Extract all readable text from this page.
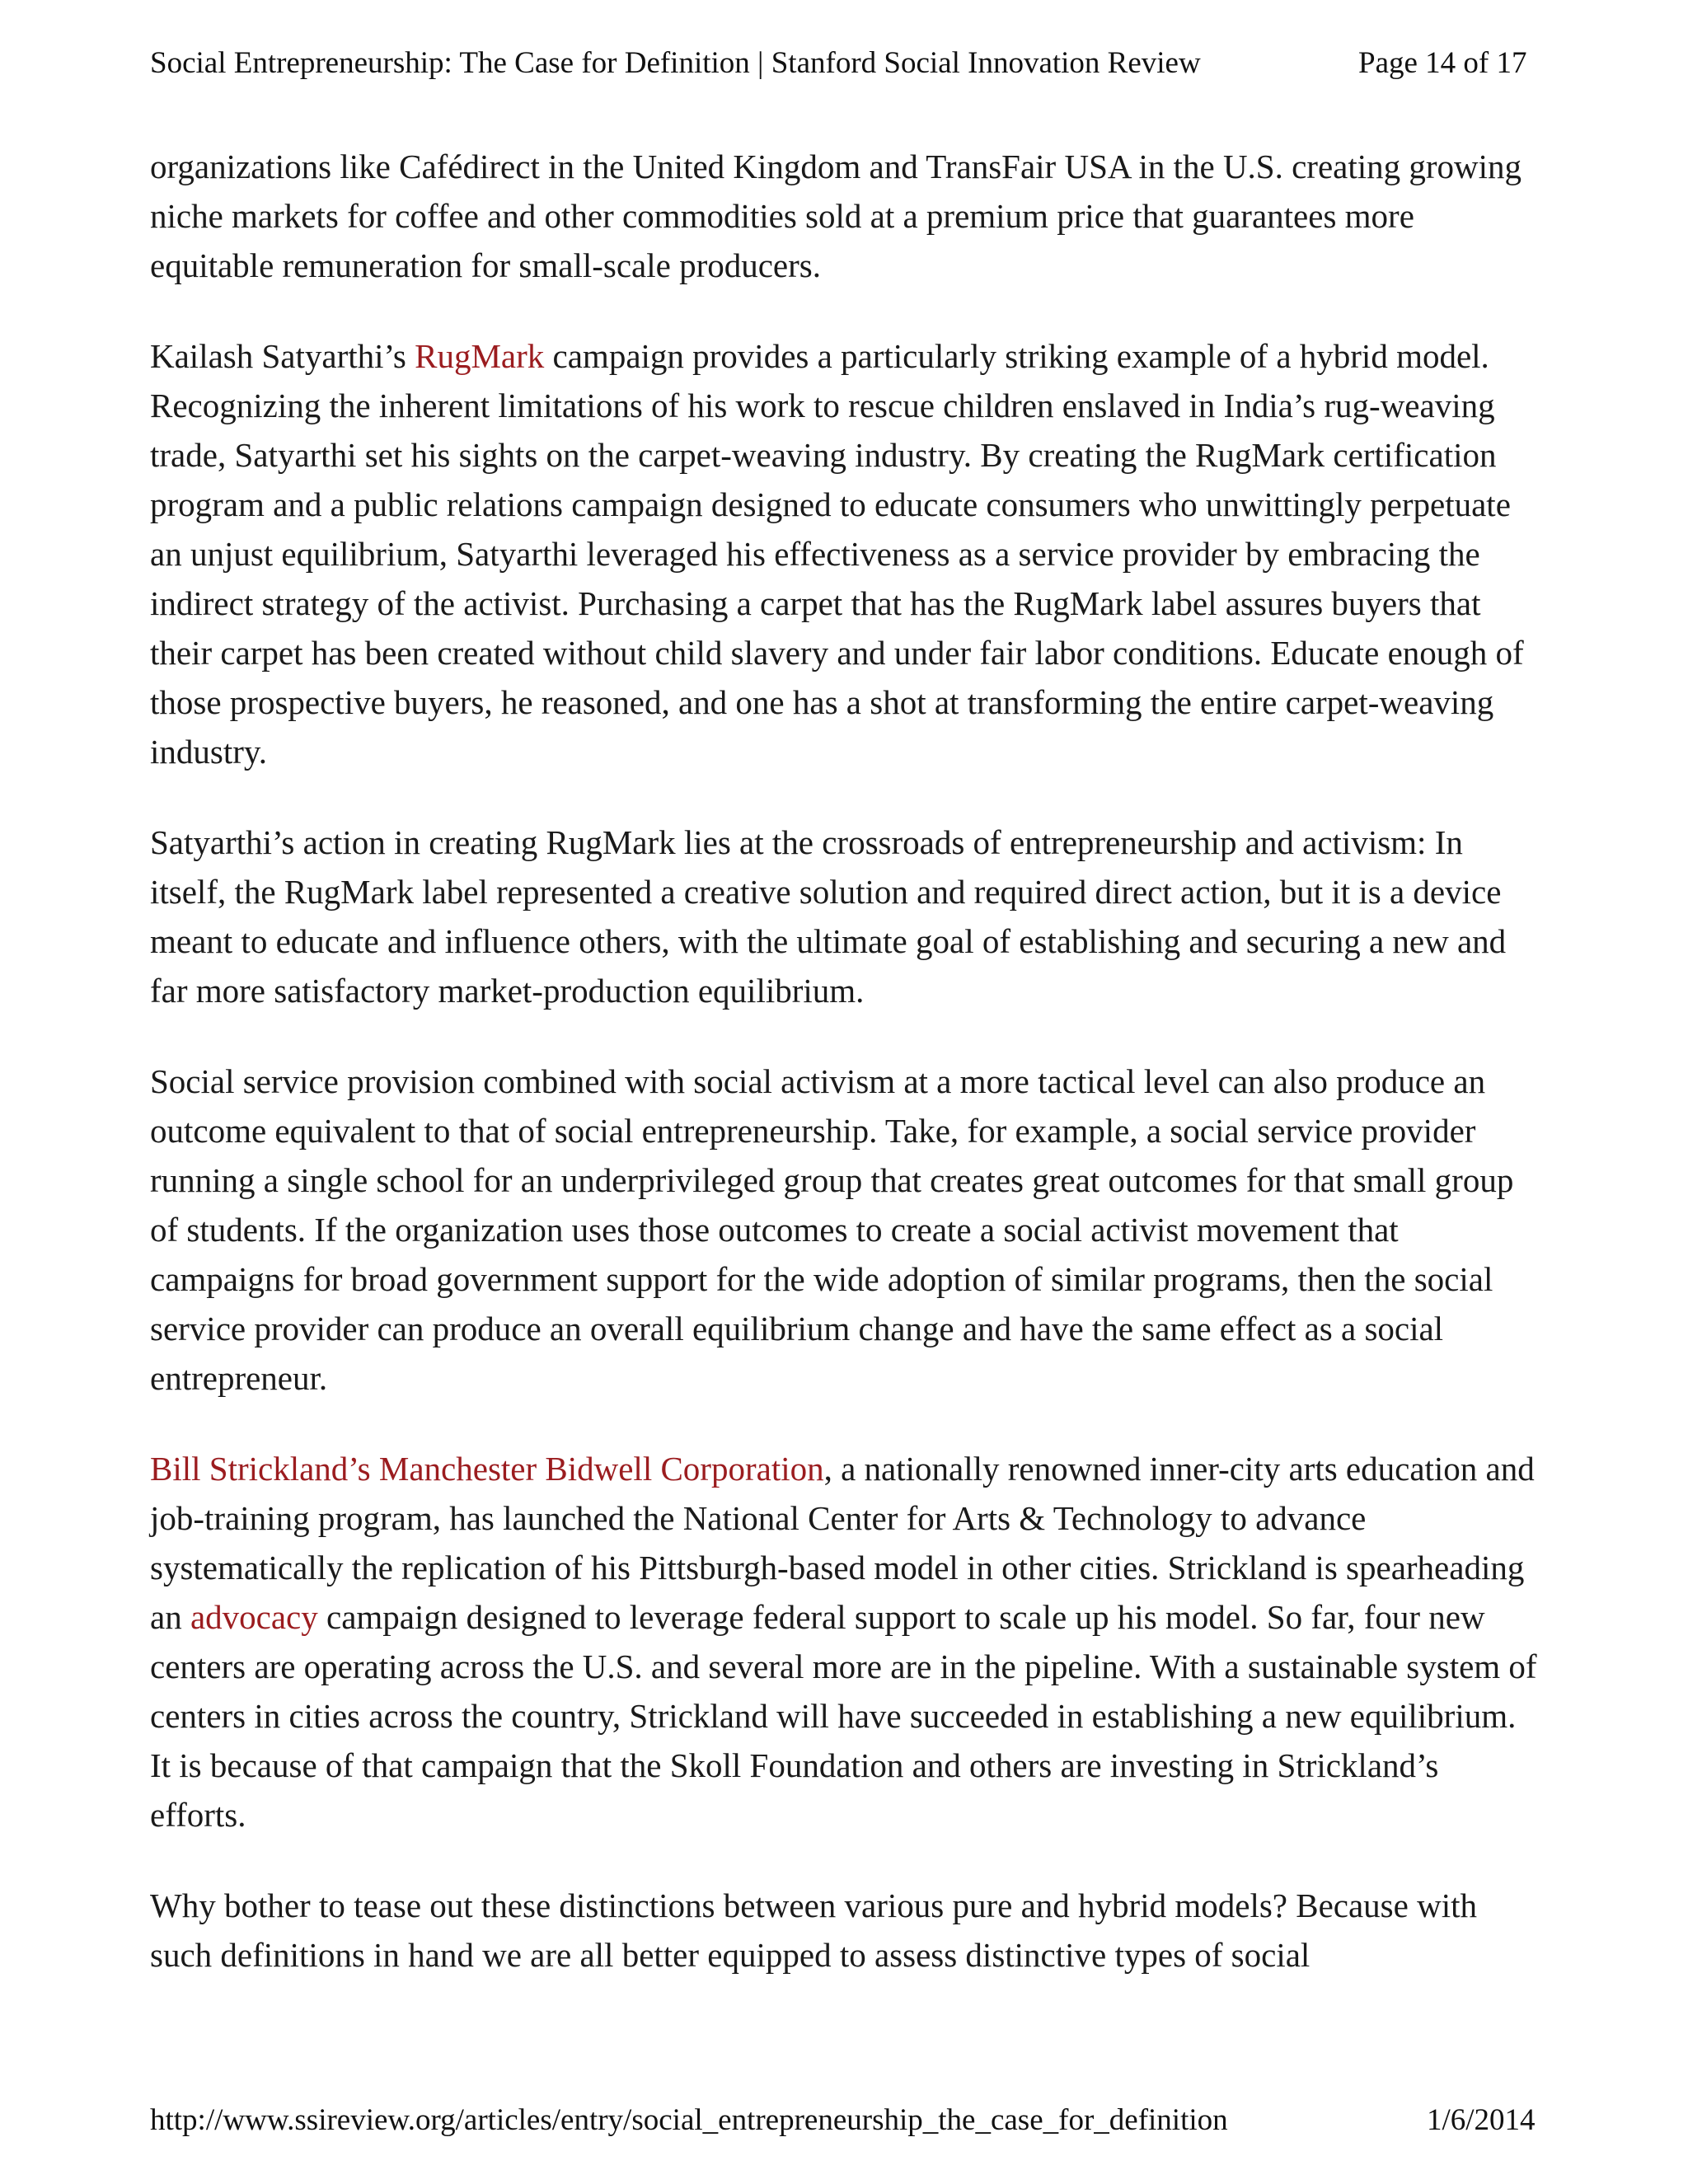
Social Entrepreneurship: The Case for Definition | Stanford Social Innovation Review	Page 14 of 17

organizations like Cafédirect in the United Kingdom and TransFair USA in the U.S. creating growing niche markets for coffee and other commodities sold at a premium price that guarantees more equitable remuneration for small-scale producers.

Kailash Satyarthi’s RugMark campaign provides a particularly striking example of a hybrid model. Recognizing the inherent limitations of his work to rescue children enslaved in India’s rug-weaving trade, Satyarthi set his sights on the carpet-weaving industry. By creating the RugMark certification program and a public relations campaign designed to educate consumers who unwittingly perpetuate an unjust equilibrium, Satyarthi leveraged his effectiveness as a service provider by embracing the indirect strategy of the activist. Purchasing a carpet that has the RugMark label assures buyers that their carpet has been created without child slavery and under fair labor conditions. Educate enough of those prospective buyers, he reasoned, and one has a shot at transforming the entire carpet-weaving industry.

Satyarthi’s action in creating RugMark lies at the crossroads of entrepreneurship and activism: In itself, the RugMark label represented a creative solution and required direct action, but it is a device meant to educate and influence others, with the ultimate goal of establishing and securing a new and far more satisfactory market-production equilibrium.

Social service provision combined with social activism at a more tactical level can also produce an outcome equivalent to that of social entrepreneurship. Take, for example, a social service provider running a single school for an underprivileged group that creates great outcomes for that small group of students. If the organization uses those outcomes to create a social activist movement that campaigns for broad government support for the wide adoption of similar programs, then the social service provider can produce an overall equilibrium change and have the same effect as a social entrepreneur.

Bill Strickland’s Manchester Bidwell Corporation, a nationally renowned inner-city arts education and job-training program, has launched the National Center for Arts & Technology to advance systematically the replication of his Pittsburgh-based model in other cities. Strickland is spearheading an advocacy campaign designed to leverage federal support to scale up his model. So far, four new centers are operating across the U.S. and several more are in the pipeline. With a sustainable system of centers in cities across the country, Strickland will have succeeded in establishing a new equilibrium. It is because of that campaign that the Skoll Foundation and others are investing in Strickland’s efforts.

Why bother to tease out these distinctions between various pure and hybrid models? Because with such definitions in hand we are all better equipped to assess distinctive types of social

http://www.ssireview.org/articles/entry/social_entrepreneurship_the_case_for_definition	1/6/2014
